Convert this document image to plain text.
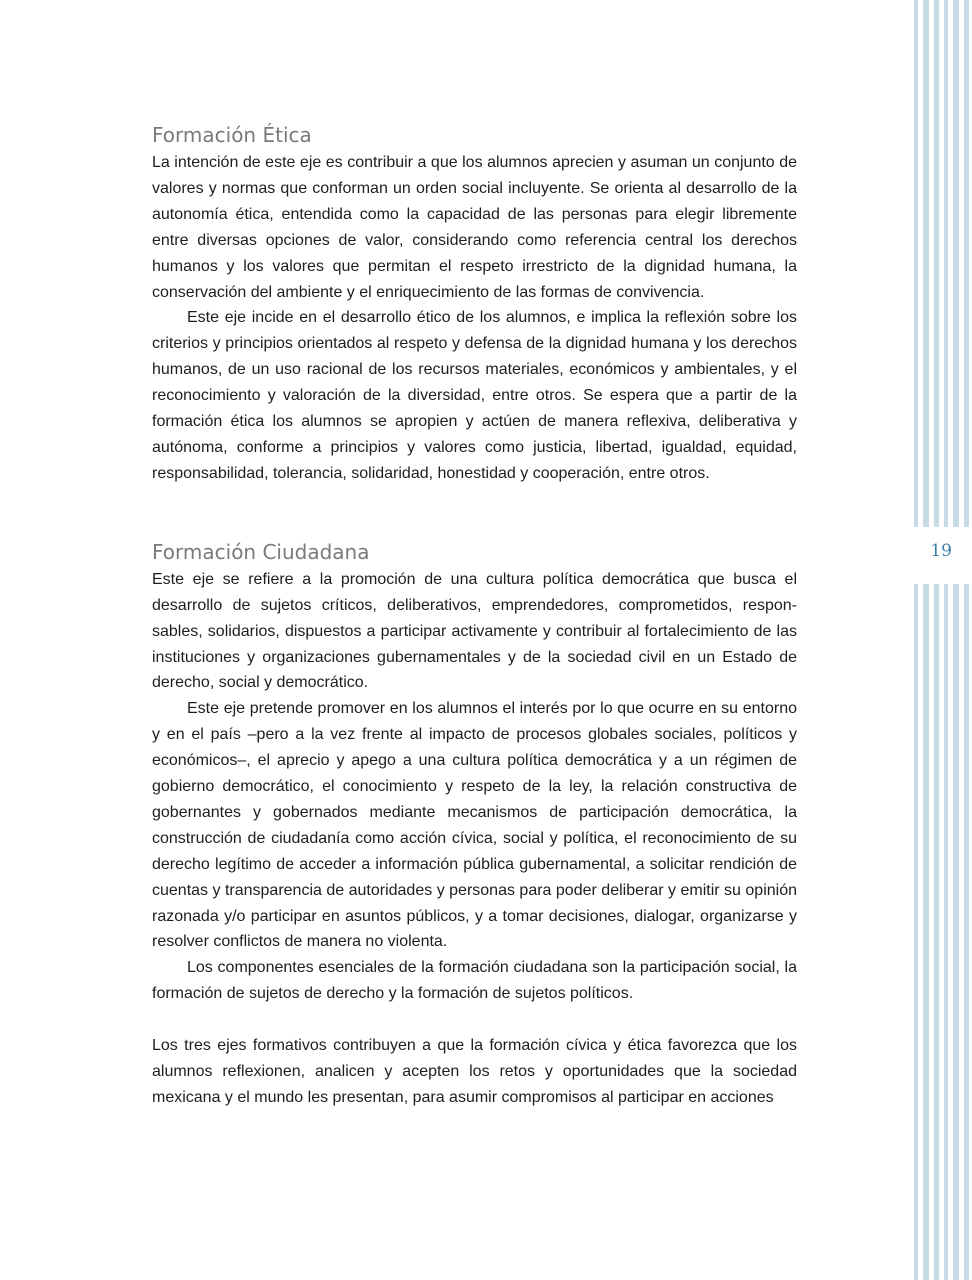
Formación Ética

La intención de este eje es contribuir a que los alumnos aprecien y asuman un conjunto de valores y normas que conforman un orden social incluyente. Se orienta al desarrollo de la autonomía ética, entendida como la capacidad de las personas para elegir libremente entre diversas opciones de valor, considerando como referencia central los derechos humanos y los valores que permitan el respeto irrestricto de la dignidad humana, la conservación del ambiente y el enriquecimiento de las formas de convivencia.

Este eje incide en el desarrollo ético de los alumnos, e implica la reflexión sobre los criterios y principios orientados al respeto y defensa de la dignidad humana y los derechos humanos, de un uso racional de los recursos materiales, económicos y ambientales, y el reconocimiento y valoración de la diversidad, entre otros. Se espera que a partir de la formación ética los alumnos se apropien y actúen de manera reflexiva, deliberativa y autónoma, conforme a principios y valores como justicia, libertad, igualdad, equidad, responsabilidad, tolerancia, solidaridad, honestidad y cooperación, entre otros.

Formación Ciudadana

Este eje se refiere a la promoción de una cultura política democrática que busca el desarrollo de sujetos críticos, deliberativos, emprendedores, comprometidos, responsables, solidarios, dispuestos a participar activamente y contribuir al fortalecimiento de las instituciones y organizaciones gubernamentales y de la sociedad civil en un Estado de derecho, social y democrático.

Este eje pretende promover en los alumnos el interés por lo que ocurre en su entorno y en el país –pero a la vez frente al impacto de procesos globales sociales, políticos y económicos–, el aprecio y apego a una cultura política democrática y a un régimen de gobierno democrático, el conocimiento y respeto de la ley, la relación constructiva de gobernantes y gobernados mediante mecanismos de participación democrática, la construcción de ciudadanía como acción cívica, social y política, el reconocimiento de su derecho legítimo de acceder a información pública gubernamental, a solicitar rendición de cuentas y transparencia de autoridades y personas para poder deliberar y emitir su opinión razonada y/o participar en asuntos públicos, y a tomar decisiones, dialogar, organizarse y resolver conflictos de manera no violenta.

Los componentes esenciales de la formación ciudadana son la participación social, la formación de sujetos de derecho y la formación de sujetos políticos.

Los tres ejes formativos contribuyen a que la formación cívica y ética favorezca que los alumnos reflexionen, analicen y acepten los retos y oportunidades que la sociedad mexicana y el mundo les presentan, para asumir compromisos al participar en acciones

19
